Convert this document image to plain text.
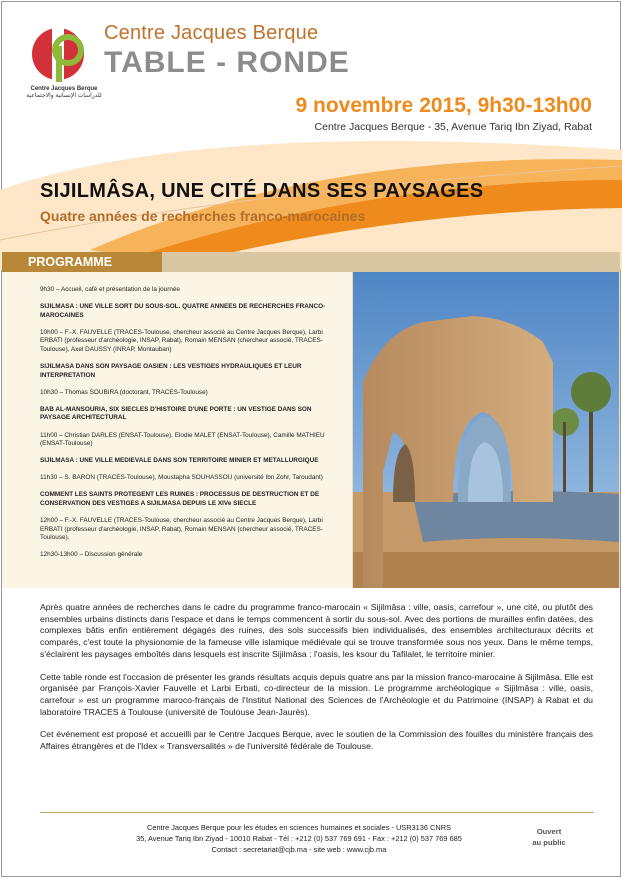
Centre Jacques Berque
للدراسات الإنسانية والاجتماعية
Centre Jacques Berque
TABLE - RONDE
9 novembre 2015, 9h30-13h00
Centre Jacques Berque - 35, Avenue Tariq Ibn Ziyad, Rabat
SIJILMÂSA, UNE CITÉ DANS SES PAYSAGES
Quatre années de recherches franco-marocaines
PROGRAMME
9h30 – Accueil, café et présentation de la journée
SIJILMASA : UNE VILLE SORT DU SOUS-SOL. QUATRE ANNEES DE RECHERCHES FRANCO-MAROCAINES
10h00 – F.-X. FAUVELLE (TRACES-Toulouse, chercheur associé au Centre Jacques Berque), Larbi ERBATI (professeur d'archéologie, INSAP, Rabat), Romain MENSAN (chercheur associé, TRACES-Toulouse), Axel DAUSSY (INRAP, Montauban)
SIJILMASA DANS SON PAYSAGE OASIEN : LES VESTIGES HYDRAULIQUES ET LEUR INTERPRETATION
10h30 – Thomas SOUBIRA (doctorant, TRACES-Toulouse)
BAB AL-MANSOURIA, SIX SIECLES D'HISTOIRE D'UNE PORTE : UN VESTIGE DANS SON PAYSAGE ARCHITECTURAL
11h00 – Christian DARLES (ENSAT-Toulouse), Elodie MALET (ENSAT-Toulouse), Camille MATHIEU (ENSAT-Toulouse)
SIJILMASA : UNE VILLE MEDIEVALE DANS SON TERRITOIRE MINIER ET METALLURGIQUE
11h30 – S. BARON (TRACES-Toulouse), Moustapha SOUHASSOU (université Ibn Zohr, Taroudant)
COMMENT LES SAINTS PROTEGENT LES RUINES : PROCESSUS DE DESTRUCTION ET DE CONSERVATION DES VESTIGES A SIJILMASA DEPUIS LE XIVe SIECLE
12h00 – F.-X. FAUVELLE (TRACES-Toulouse, chercheur associé au Centre Jacques Berque), Larbi ERBATI (professeur d'archéologie, INSAP, Rabat), Romain MENSAN (chercheur associé, TRACES-Toulouse).
12h30-13h00 – Discussion générale

Après quatre années de recherches dans le cadre du programme franco-marocain « Sijilmâsa : ville, oasis, carrefour », une cité, ou plutôt des ensembles urbains distincts dans l'espace et dans le temps commencent à sortir du sous-sol. Avec des portions de murailles enfin datées, des complexes bâtis enfin entièrement dégagés des ruines, des sols successifs bien individualisés, des ensembles architecturaux décrits et comparés, c'est toute la physionomie de la fameuse ville islamique médiévale qui se trouve transformée sous nos yeux. Dans le même temps, s'éclairent les paysages emboîtés dans lesquels est inscrite Sijilmâsa : l'oasis, les ksour du Tafilalet, le territoire minier.

Cette table ronde est l'occasion de présenter les grands résultats acquis depuis quatre ans par la mission franco-marocaine à Sijilmâsa. Elle est organisée par François-Xavier Fauvelle et Larbi Erbati, co-directeur de la mission. Le programme archéologique « Sijilmâsa : ville, oasis, carrefour » est un programme maroco-français de l'Institut National des Sciences de l'Archéologie et du Patrimoine (INSAP) à Rabat et du laboratoire TRACES à Toulouse (université de Toulouse Jean-Jaurès).

Cet événement est proposé et accueilli par le Centre Jacques Berque, avec le soutien de la Commission des fouilles du ministère français des Affaires étrangères et de l'Idex « Transversalités » de l'université fédérale de Toulouse.

Centre Jacques Berque pour les études en sciences humaines et sociales - USR3136 CNRS
35, Avenue Tariq Ibn Ziyad - 10010 Rabat - Tél : +212 (0) 537 769 691 - Fax : +212 (0) 537 769 685
Contact : secretariat@cjb.ma - site web : www.cjb.ma
Ouvert
au public
